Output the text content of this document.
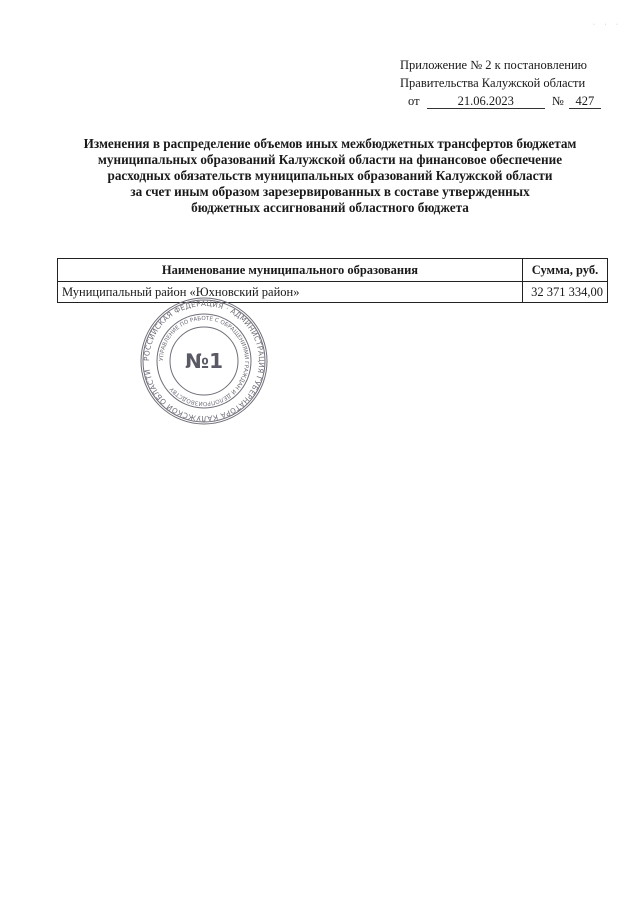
· · ·
Приложение № 2 к постановлению
Правительства Калужской области
от	21.06.2023	№ 427
Изменения в распределение объемов иных межбюджетных трансфертов бюджетам
муниципальных образований Калужской области на финансовое обеспечение
расходных обязательств муниципальных образований Калужской области
за счет иным образом зарезервированных в составе утвержденных
бюджетных ассигнований областного бюджета
Наименование муниципального образования	Сумма, руб.
Муниципальный район «Юхновский район»	32 371 334,00
РОССИЙСКАЯ ФЕДЕРАЦИЯ · АДМИНИСТРАЦИЯ ГУБЕРНАТОРА КАЛУЖСКОЙ ОБЛАСТИ
УПРАВЛЕНИЕ ПО РАБОТЕ С ОБРАЩЕНИЯМИ ГРАЖДАН И ДЕЛОПРОИЗВОДСТВУ
№1
